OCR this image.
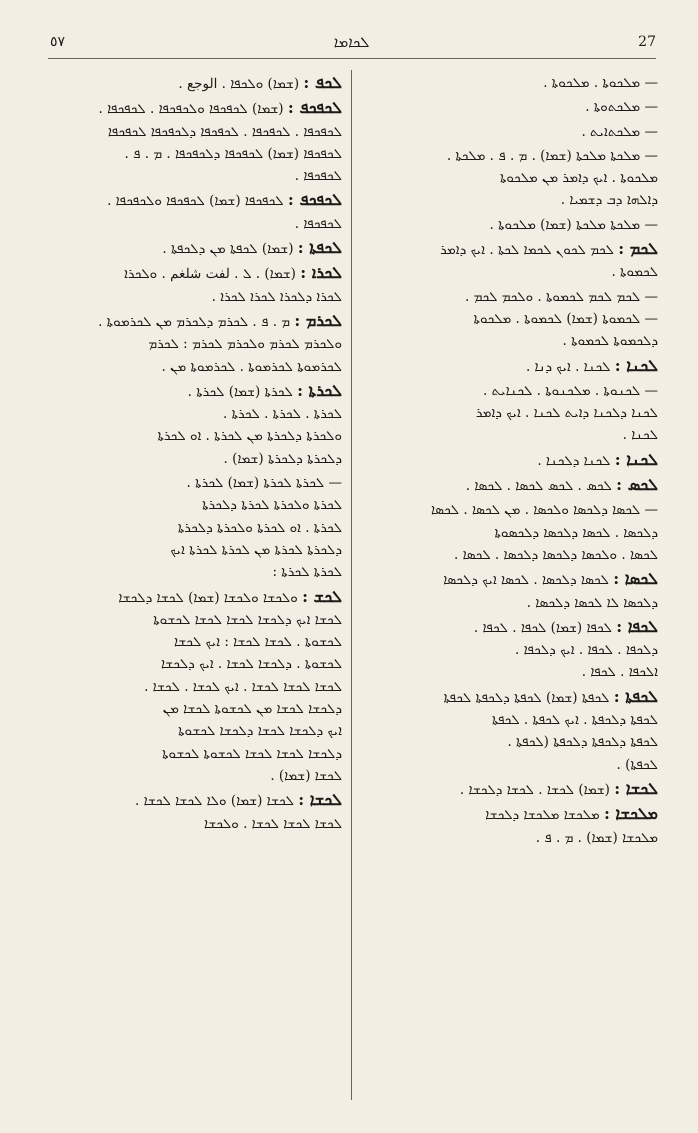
٥٧	ܠܟܐܡܐ	27
— ܡܠܟܘܬܐ . ܡܠܟܘܬܐ .
— ܡܠܟܬܘܬܐ .
— ܡܠܟܬܐܝܬ .
— ܡܠܟܬܐ ܡܠܟܬܐ (ܫܡܐ) . ܡ . ܦ . ܡܠܟܬܐ .
ܡܠܟܘܬܐ . ܐܝܟ ܕܐܡܪ ܡܢ ܡܠܟܘܬܐ
ܕܐܠܗܐ ܕܒ ܕܫܡܝܐ .
— ܡܠܟܬܐ ܡܠܟܬܐ (ܫܡܐ) ܡܠܟܘܬܐ .
ܠܟܡ : ܠܟܡ ܠܟܘܢ ܠܟܡܐ ܠܟܬܐ . ܐܝܟ ܕܐܡܪ
ܠܟܡܘܬܐ .
— ܠܟܡ ܠܟܡ ܠܟܡܘܬܐ . ܘܠܟܡ ܠܟܡ .
— ܠܟܡܘܬܐ (ܫܡܐ) ܠܟܡܘܬܐ . ܡܠܟܘܬܐ
ܕܠܟܡܘܬܐ ܠܟܡܘܬܐ .
ܠܟܢܐ : ܠܟܢܐ . ܐܝܟ ܕܢܐ .
— ܠܟܢܘܬܐ . ܡܠܟܢܘܬܐ . ܠܟܢܐܝܬ .
ܠܟܢܐ ܕܠܟܢܐ ܕܐܝܬ ܠܟܢܐ . ܐܝܟ ܕܐܡܪ
ܠܟܢܐ .
ܠܟܢܐ : ܠܟܢܐ ܕܠܟܢܐ .
ܠܟܣ : ܠܟܣ . ܠܟܣ ܠܟܣܐ . ܠܟܣܐ .
— ܠܟܣܐ ܕܠܟܣܐ ܘܠܟܣܐ . ܡܢ ܠܟܣܐ . ܠܟܣܐ
ܕܠܟܣܐ . ܠܟܣܐ ܕܠܟܣܐ ܕܠܟܣܘܬܐ
ܠܟܣܐ . ܘܠܟܣܐ ܕܠܟܣܐ ܕܠܟܣܐ . ܠܟܣܐ .
ܠܟܣܐ : ܠܟܣܐ ܕܠܟܣܐ . ܠܟܣܐ ܐܝܟ ܕܠܟܣܐ
ܕܠܟܣܐ ܠܐ ܠܟܣܐ ܕܠܟܣܐ .
ܠܟܦܐ : ܠܟܦܐ (ܫܡܐ) ܠܟܦܐ . ܠܟܦܐ .
ܕܠܟܦܐ . ܠܟܦܐ . ܐܝܟ ܕܠܟܦܐ .
ܐܠܟܦܐ . ܠܟܦܐ .
ܠܟܦܬܐ : ܠܟܦܬܐ (ܫܡܐ) ܠܟܦܬܐ ܕܠܟܦܬܐ ܠܟܦܬܐ
ܠܟܦܬܐ ܕܠܟܦܬܐ . ܐܝܟ ܠܟܦܬܐ . ܠܟܦܬܐ
ܠܟܦܬܐ ܕܠܟܦܬܐ ܕܠܟܦܬܐ (ܠܟܦܬܐ .
ܠܟܦܬܐ) .
ܠܟܫܐ : (ܫܡܐ) ܠܟܫܐ . ܠܟܫܐ ܕܠܟܫܐ .
ܡܠܟܫܐ : ܡܠܟܫܐ ܡܠܟܫܐ ܕܠܟܫܐ
ܡܠܟܫܐ (ܫܡܐ) . ܡ . ܦ .
ܠܟܦ : (ܫܡܐ) ܘܠܟܦܐ . الوجع .
ܠܟܦܟܦ : (ܫܡܐ) ܠܟܦܟܦܐ ܘܠܟܦܟܦܐ . ܠܟܦܟܦܐ .
ܠܟܦܟܦܐ . ܠܟܦܟܦܐ . ܠܟܦܟܦܐ ܕܠܟܦܟܦܐ ܠܟܦܟܦܐ
ܠܟܦܟܦܐ (ܫܡܐ) ܠܟܦܟܦܐ ܕܠܟܦܟܦܐ . ܡ . ܦ .
ܠܟܦܟܦܐ .
ܠܟܦܟܦ : ܠܟܦܟܦܐ (ܫܡܐ) ܠܟܦܟܦܐ ܘܠܟܦܟܦܐ .
ܠܟܦܟܦܐ .
ܠܟܦܬܐ : (ܫܡܐ) ܠܟܦܬܐ ܡܢ ܕܠܟܦܬܐ .
ܠܟܪܐ : (ܫܡܐ) . ܠ . لفت شلغم . ܘܠܟܪܐ
ܠܟܪܐ ܕܠܟܪܐ ܠܟܪܐ ܠܟܪܐ .
ܠܟܪܡ : ܡ . ܦ . ܠܟܪܡ ܕܠܟܪܡ ܡܢ ܠܟܪܡܘܬܐ .
ܘܠܟܪܡ ܠܟܪܡ ܘܠܟܪܡ ܠܟܪܡ : ܠܟܪܡ
ܠܟܪܡܘܬܐ ܠܟܪܡܘܬܐ . ܠܟܪܡܘܬܐ ܡܢ .
ܠܟܪܬܐ : ܠܟܪܬܐ (ܫܡܐ) ܠܟܪܬܐ .
ܠܟܪܬܐ . ܠܟܪܬܐ . ܠܟܪܬܐ .
ܘܠܟܪܬܐ ܕܠܟܪܬܐ ܡܢ ܠܟܪܬܐ . ܐܘ ܠܟܪܬܐ
ܕܠܟܪܬܐ ܕܠܟܪܬܐ (ܫܡܐ) .
— ܠܟܪܬܐ ܠܟܪܬܐ (ܫܡܐ) ܠܟܪܬܐ .
ܠܟܪܬܐ ܘܠܟܪܬܐ ܠܟܪܬܐ ܕܠܟܪܬܐ
ܠܟܪܬܐ . ܐܘ ܠܟܪܬܐ ܘܠܟܪܬܐ ܕܠܟܪܬܐ
ܕܠܟܪܬܐ ܠܟܪܬܐ ܡܢ ܠܟܪܬܐ ܠܟܪܬܐ ܐܝܟ
ܠܟܪܬܐ ܠܟܪܬܐ :
ܠܟܫ : ܘܠܟܫܐ ܘܠܟܫܐ (ܫܡܐ) ܠܟܫܐ ܕܠܟܫܐ
ܠܟܫܐ ܐܝܟ ܕܠܟܫܐ ܠܟܫܐ ܠܟܫܐ ܠܟܫܘܬܐ
ܠܟܫܘܬܐ . ܠܟܫܐ ܠܟܫܐ : ܐܝܟ ܠܟܫܐ
ܠܟܫܘܬܐ . ܕܠܟܫܐ ܠܟܫܐ . ܐܝܟ ܕܠܟܫܐ
ܠܟܫܐ ܠܟܫܐ ܠܟܫܐ . ܐܝܟ ܠܟܫܐ . ܠܟܫܐ .
ܕܠܟܫܐ ܠܟܫܐ ܡܢ ܠܟܫܘܬܐ ܠܟܫܐ ܡܢ
ܐܝܟ ܕܠܟܫܐ ܠܟܫܐ ܕܠܟܫܐ ܠܟܫܘܬܐ
ܕܠܟܫܐ ܠܟܫܐ ܠܟܫܐ ܠܟܫܘܬܐ ܠܟܫܘܬܐ
ܠܟܫܐ (ܫܡܐ) .
ܠܟܫܐ : ܠܟܫܐ (ܫܡܐ) ܘܠܐ ܠܟܫܐ ܠܟܫܐ .
ܠܟܫܐ ܠܟܫܐ ܠܟܫܐ . ܘܠܟܫܐ
